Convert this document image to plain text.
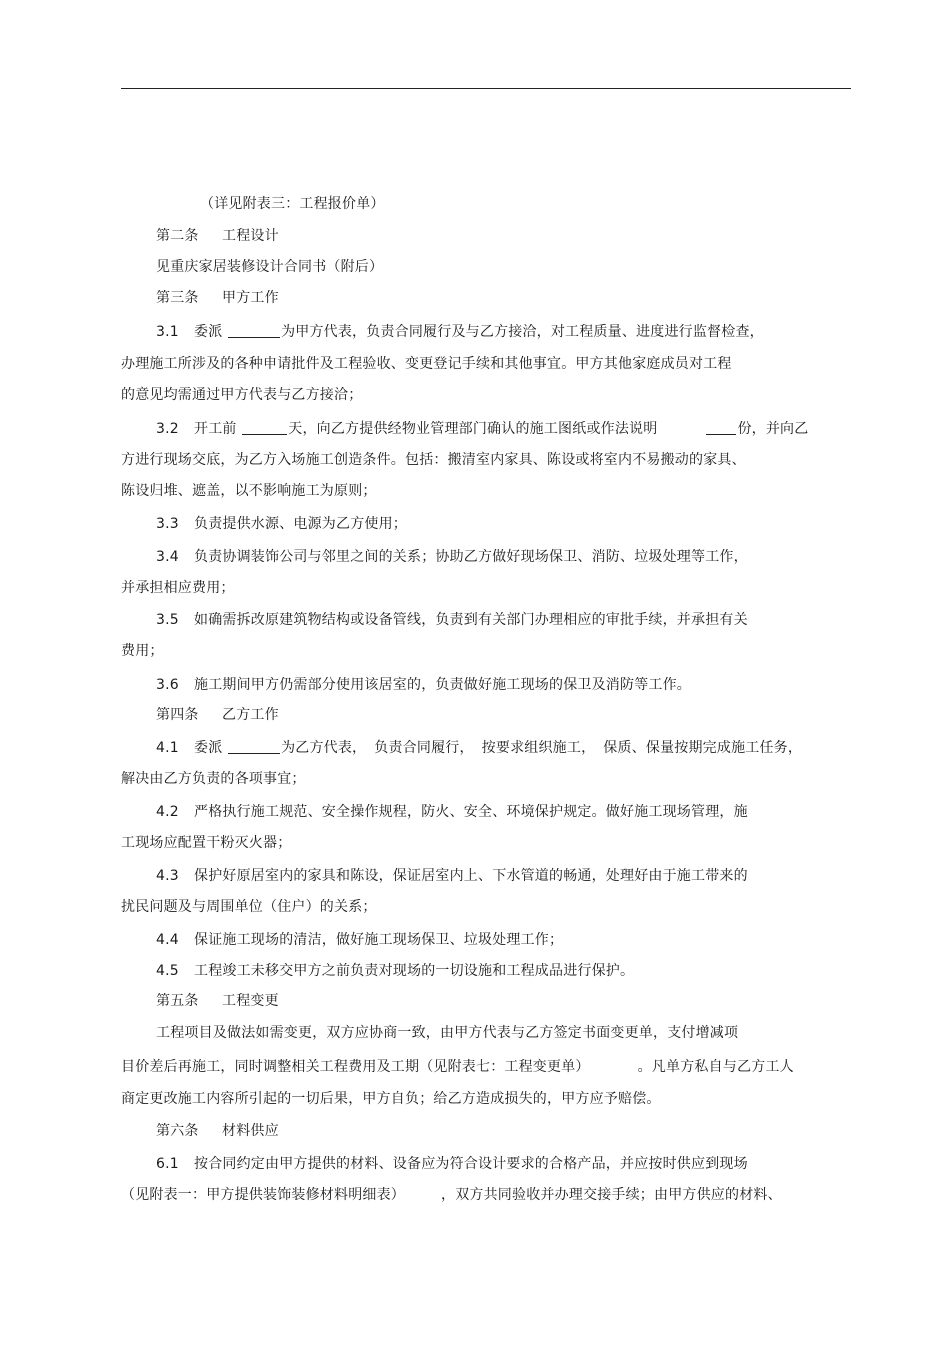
（详见附表三：工程报价单）
第二条 工程设计
见重庆家居装修设计合同书（附后）
第三条 甲方工作
3.1 委派	为甲方代表，负责合同履行及与乙方接洽，对工程质量、进度进行监督检查，
办理施工所涉及的各种申请批件及工程验收、变更登记手续和其他事宜。甲方其他家庭成员对工程
的意见均需通过甲方代表与乙方接洽；
3.2 开工前	天，向乙方提供经物业管理部门确认的施工图纸或作法说明	份，并向乙
方进行现场交底，为乙方入场施工创造条件。包括：搬清室内家具、陈设或将室内不易搬动的家具、
陈设归堆、遮盖，以不影响施工为原则；
3.3 负责提供水源、电源为乙方使用；
3.4 负责协调装饰公司与邻里之间的关系；协助乙方做好现场保卫、消防、垃圾处理等工作，
并承担相应费用；
3.5 如确需拆改原建筑物结构或设备管线，负责到有关部门办理相应的审批手续，并承担有关
费用；
3.6 施工期间甲方仍需部分使用该居室的，负责做好施工现场的保卫及消防等工作。
第四条 乙方工作
4.1 委派	为乙方代表， 负责合同履行， 按要求组织施工， 保质、保量按期完成施工任务，
解决由乙方负责的各项事宜；
4.2 严格执行施工规范、安全操作规程，防火、安全、环境保护规定。做好施工现场管理，施
工现场应配置干粉灭火器；
4.3 保护好原居室内的家具和陈设，保证居室内上、下水管道的畅通，处理好由于施工带来的
扰民问题及与周围单位（住户）的关系；
4.4 保证施工现场的清洁，做好施工现场保卫、垃圾处理工作；
4.5 工程竣工未移交甲方之前负责对现场的一切设施和工程成品进行保护。
第五条 工程变更
工程项目及做法如需变更，双方应协商一致，由甲方代表与乙方签定书面变更单，支付增减项
目价差后再施工，同时调整相关工程费用及工期（见附表七：工程变更单）	。凡单方私自与乙方工人
商定更改施工内容所引起的一切后果，甲方自负；给乙方造成损失的，甲方应予赔偿。
第六条 材料供应
6.1 按合同约定由甲方提供的材料、设备应为符合设计要求的合格产品，并应按时供应到现场
（见附表一：甲方提供装饰装修材料明细表）	，双方共同验收并办理交接手续；由甲方供应的材料、
